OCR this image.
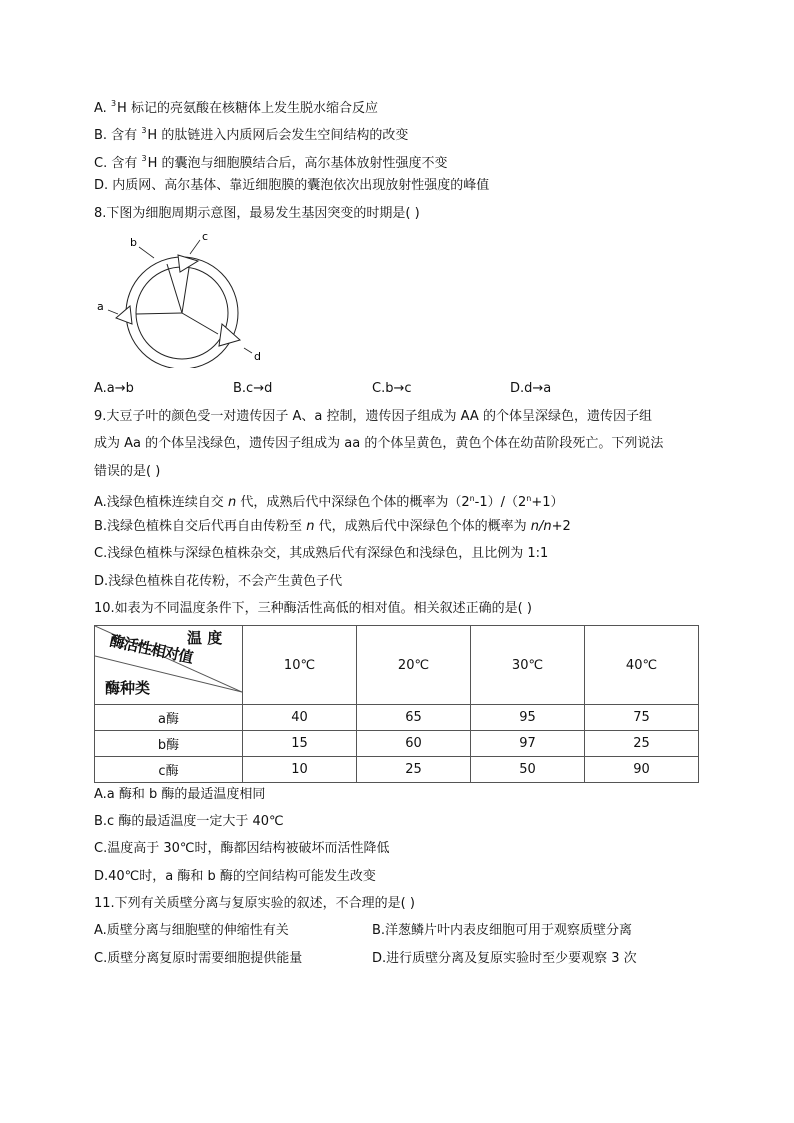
A. $^3$H 标记的亮氨酸在核糖体上发生脱水缩合反应
B. 含有 $^3$H 的肽链进入内质网后会发生空间结构的改变
C. 含有 $^3$H 的囊泡与细胞膜结合后，高尔基体放射性强度不变
D. 内质网、高尔基体、靠近细胞膜的囊泡依次出现放射性强度的峰值
8.下图为细胞周期示意图，最易发生基因突变的时期是( )
b	c
d
a
A.a→b	B.c→d	C.b→c	D.d→a
9.大豆子叶的颜色受一对遗传因子 A、a 控制，遗传因子组成为 AA 的个体呈深绿色，遗传因子组
成为 Aa 的个体呈浅绿色，遗传因子组成为 aa 的个体呈黄色，黄色个体在幼苗阶段死亡。下列说法
错误的是( )
A.浅绿色植株连续自交 n 代，成熟后代中深绿色个体的概率为$(2^n-1)/(2^n+1)$
B.浅绿色植株自交后代再自由传粉至 n 代，成熟后代中深绿色个体的概率为 n/n+2
C.浅绿色植株与深绿色植株杂交，其成熟后代有深绿色和浅绿色，且比例为 1:1
D.浅绿色植株自花传粉，不会产生黄色子代
10.如表为不同温度条件下，三种酶活性高低的相对值。相关叙述正确的是( )
温 度
酶活性相对值
酶种类	10℃	20℃	30℃	40℃
a酶	40	65	95	75
b酶	15	60	97	25
c酶	10	25	50	90
A.a 酶和 b 酶的最适温度相同
B.c 酶的最适温度一定大于 40℃
C.温度高于 30℃时，酶都因结构被破坏而活性降低
D.40℃时，a 酶和 b 酶的空间结构可能发生改变
11.下列有关质壁分离与复原实验的叙述，不合理的是( )
A.质壁分离与细胞壁的伸缩性有关	B.洋葱鳞片叶内表皮细胞可用于观察质壁分离
C.质壁分离复原时需要细胞提供能量	D.进行质壁分离及复原实验时至少要观察 3 次
